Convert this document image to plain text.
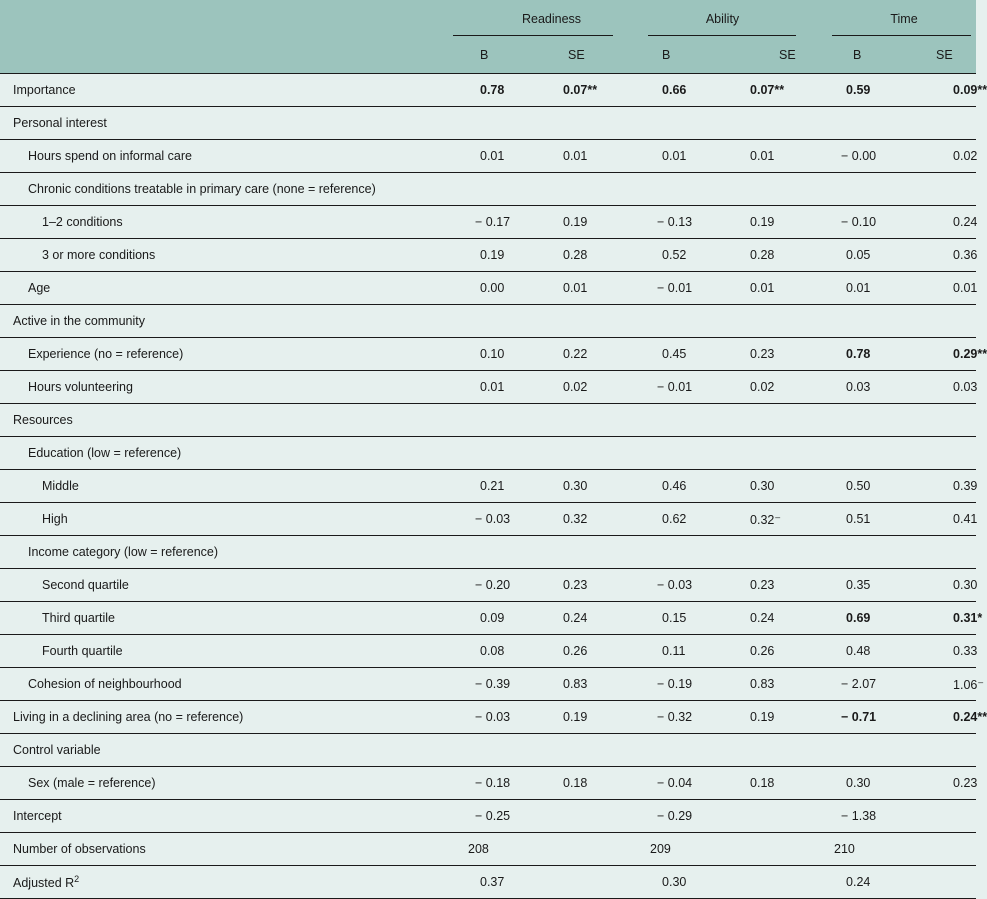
	Readiness		Ability		Time	

	B	SE	B	SE	B	SE
Importance	0.78	0.07**	0.66	0.07**	0.59	0.09**
Personal interest						
Hours spend on informal care	0.01	0.01	0.01	0.01	− 0.00	0.02
Chronic conditions treatable in primary care (none = reference)						
1–2 conditions	− 0.17	0.19	− 0.13	0.19	− 0.10	0.24
3 or more conditions	0.19	0.28	0.52	0.28	0.05	0.36
Age	0.00	0.01	− 0.01	0.01	0.01	0.01
Active in the community						
Experience (no = reference)	0.10	0.22	0.45	0.23	0.78	0.29**
Hours volunteering	0.01	0.02	− 0.01	0.02	0.03	0.03
Resources						
Education (low = reference)						
Middle	0.21	0.30	0.46	0.30	0.50	0.39
High	− 0.03	0.32	0.62	0.32⁻	0.51	0.41
Income category (low = reference)						
Second quartile	− 0.20	0.23	− 0.03	0.23	0.35	0.30
Third quartile	0.09	0.24	0.15	0.24	0.69	0.31*
Fourth quartile	0.08	0.26	0.11	0.26	0.48	0.33
Cohesion of neighbourhood	− 0.39	0.83	− 0.19	0.83	− 2.07	1.06⁻
Living in a declining area (no = reference)	− 0.03	0.19	− 0.32	0.19	− 0.71	0.24**
Control variable						
Sex (male = reference)	− 0.18	0.18	− 0.04	0.18	0.30	0.23
Intercept	− 0.25		− 0.29		− 1.38	
Number of observations	208		209		210	
Adjusted $R^2$	0.37		0.30		0.24	
